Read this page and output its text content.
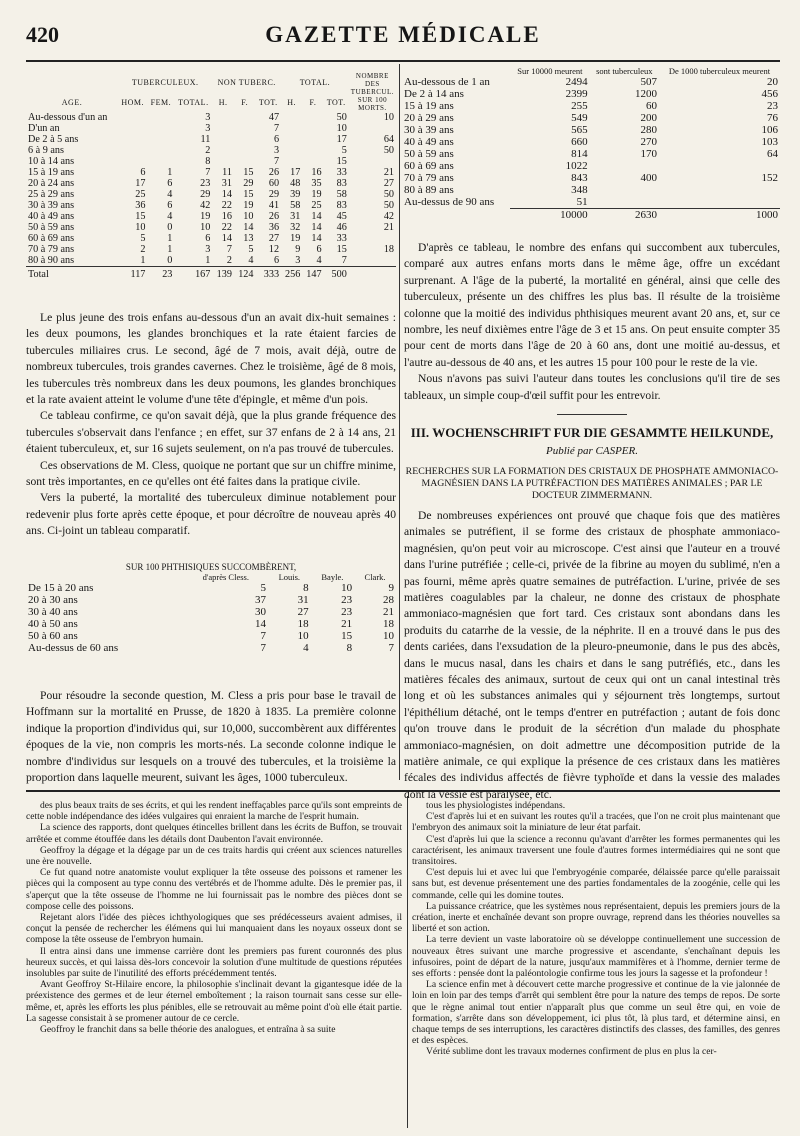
420	GAZETTE MÉDICALE
	TUBERCULEUX.			NON TUBERC.			TOTAL.			NOMBRE DES TUBERCUL. SUR 100 MORTS.
AGE.	HOM.	FEM.	TOTAL.	H.	F.	TOT.	H.	F.	TOT.	
Au-dessous d'un an			3			47			50	10
D'un an			3			7			10	
De 2 à 5 ans			11			6			17	64
6 à 9 ans			2			3			5	50
10 à 14 ans			8			7			15	
15 à 19 ans	6	1	7	11	15	26	17	16	33	21
20 à 24 ans	17	6	23	31	29	60	48	35	83	27
25 à 29 ans	25	4	29	14	15	29	39	19	58	50
30 à 39 ans	36	6	42	22	19	41	58	25	83	50
40 à 49 ans	15	4	19	16	10	26	31	14	45	42
50 à 59 ans	10	0	10	22	14	36	32	14	46	21
60 à 69 ans	5	1	6	14	13	27	19	14	33	
70 à 79 ans	2	1	3	7	5	12	9	6	15	18
80 à 90 ans	1	0	1	2	4	6	3	4	7	
Total	117	23	167	139	124	333	256	147	500	

Le plus jeune des trois enfans au-dessous d'un an avait dix-huit semaines : les deux poumons, les glandes bronchiques et la rate étaient farcies de tubercules miliaires crus. Le second, âgé de 7 mois, avait déjà, outre de nombreux tubercules, trois grandes cavernes. Chez le troisième, âgé de 8 mois, les tubercules très nombreux dans les deux poumons, les glandes bronchiques et la rate avaient atteint le volume d'une tête d'épingle, et même d'un pois.

Ce tableau confirme, ce qu'on savait déjà, que la plus grande fréquence des tubercules s'observait dans l'enfance ; en effet, sur 37 enfans de 2 à 14 ans, 21 étaient tuberculeux, et, sur 16 sujets seulement, on n'a pas trouvé de tubercules.

Ces observations de M. Cless, quoique ne portant que sur un chiffre minime, sont très importantes, en ce qu'elles ont été faites dans la pratique civile.

Vers la puberté, la mortalité des tuberculeux diminue notablement pour redevenir plus forte après cette époque, et pour décroître de nouveau après 40 ans. Ci-joint un tableau comparatif.

SUR 100 PHTHISIQUES SUCCOMBÈRENT,				
	d'après Cless.	Louis.	Bayle.	Clark.
De 15 à 20 ans	5	8	10	9
20 à 30 ans	37	31	23	28
30 à 40 ans	30	27	23	21
40 à 50 ans	14	18	21	18
50 à 60 ans	7	10	15	10
Au-dessus de 60 ans	7	4	8	7

Pour résoudre la seconde question, M. Cless a pris pour base le travail de Hoffmann sur la mortalité en Prusse, de 1820 à 1835. La première colonne indique la proportion d'individus qui, sur 10,000, succombèrent aux différentes époques de la vie, non compris les morts-nés. La seconde colonne indique le nombre d'individus sur lesquels on a trouvé des tubercules, et la troisième la proportion dans laquelle meurent, suivant les âges, 1000 tuberculeux.

	Sur 10000 meurent	sont tuberculeux	De 1000 tuberculeux meurent
Au-dessous de 1 an	2494	507	20
De 2 à 14 ans	2399	1200	456
15 à 19 ans	255	60	23
20 à 29 ans	549	200	76
30 à 39 ans	565	280	106
40 à 49 ans	660	270	103
50 à 59 ans	814	170	64
60 à 69 ans	1022		
70 à 79 ans	843	400	152
80 à 89 ans	348		
Au-dessus de 90 ans	51		
	10000	2630	1000

D'après ce tableau, le nombre des enfans qui succombent aux tubercules, comparé aux autres enfans morts dans le même âge, offre un excédant surprenant. A l'âge de la puberté, la mortalité en général, ainsi que celle des tuberculeux, présente un des chiffres les plus bas. Il résulte de la troisième colonne que la moitié des individus phthisiques meurent avant 20 ans, et, sur ce nombre, les neuf dixièmes entre l'âge de 3 et 15 ans. On peut ensuite compter 35 pour cent de morts dans l'âge de 20 à 60 ans, dont une moitié au-dessus, et l'autre au-dessous de 40 ans, et les autres 15 pour 100 pour le reste de la vie.

Nous n'avons pas suivi l'auteur dans toutes les conclusions qu'il tire de ses tableaux, un simple coup-d'œil suffit pour les entrevoir.

III. WOCHENSCHRIFT FUR DIE GESAMMTE HEILKUNDE,
Publié par CASPER.
RECHERCHES SUR LA FORMATION DES CRISTAUX DE PHOSPHATE AMMONIACO-MAGNÉSIEN DANS LA PUTRÉFACTION DES MATIÈRES ANIMALES ; PAR LE DOCTEUR ZIMMERMANN.

De nombreuses expériences ont prouvé que chaque fois que des matières animales se putréfient, il se forme des cristaux de phosphate ammoniaco-magnésien, qu'on peut voir au microscope. C'est ainsi que l'auteur en a trouvé dans l'urine putréfiée ; celle-ci, privée de la fibrine au moyen du sublimé, n'en a pas fourni, même après quatre semaines de putréfaction. L'urine, privée de ses matières coagulables par la chaleur, ne donne des cristaux de phosphate ammoniaco-magnésien que fort tard. Ces cristaux sont abondans dans les produits du catarrhe de la vessie, de la néphrite. Il en a trouvé dans le pus des dents cariées, dans l'exsudation de la pleuro-pneumonie, dans le pus des abcès, dans le mucus nasal, dans les chairs et dans le sang putréfiés, etc., dans les matières fécales des animaux, surtout de ceux qui ont un canal intestinal très long et où les substances animales qui y séjournent très longtemps, surtout l'épithélium détaché, ont le temps d'entrer en putréfaction ; autant de fois donc qu'on trouve dans le produit de la sécrétion d'un malade du phosphate ammoniaco-magnésien, on doit admettre une décomposition putride de la matière animale, ce qui explique la présence de ces cristaux dans les matières fécales des individus affectés de fièvre typhoïde et dans la vessie des malades dont la vessie est paralysée, etc.

des plus beaux traits de ses écrits, et qui les rendent ineffaçables parce qu'ils sont empreints de cette noble indépendance des idées vulgaires qui enraient la marche de l'esprit humain.

La science des rapports, dont quelques étincelles brillent dans les écrits de Buffon, se trouvait arrêtée et comme étouffée dans les détails dont Daubenton l'avait environnée.

Geoffroy la dégage et la dégage par un de ces traits hardis qui créent aux sciences naturelles une ère nouvelle.

Ce fut quand notre anatomiste voulut expliquer la tête osseuse des poissons et ramener les pièces qui la composent au type connu des vertébrés et de l'homme adulte. Dès le premier pas, il s'aperçut que la tête osseuse de l'homme ne lui fournissait pas le nombre des pièces dont se compose celle des poissons.

Rejetant alors l'idée des pièces ichthyologiques que ses prédécesseurs avaient admises, il conçut la pensée de rechercher les élémens qui lui manquaient dans les noyaux osseux dont se compose la tête osseuse de l'embryon humain.

Il entra ainsi dans une immense carrière dont les premiers pas furent couronnés des plus heureux succès, et qui laissa dès-lors concevoir la solution d'une multitude de questions réputées insolubles par suite de l'inutilité des efforts précédemment tentés.

Avant Geoffroy St-Hilaire encore, la philosophie s'inclinait devant la gigantesque idée de la préexistence des germes et de leur éternel emboîtement ; la raison tournait sans cesse sur elle-même, et, après les efforts les plus pénibles, elle se retrouvait au même point d'où elle était partie. La sagesse consistait à se promener autour de ce cercle.

Geoffroy le franchit dans sa belle théorie des analogues, et entraîna à sa suite

tous les physiologistes indépendans.

C'est d'après lui et en suivant les routes qu'il a tracées, que l'on ne croit plus maintenant que l'embryon des animaux soit la miniature de leur état parfait.

C'est d'après lui que la science a reconnu qu'avant d'arrêter les formes permanentes qui les caractérisent, les animaux traversent une foule d'autres formes intermédiaires qui ne sont que transitoires.

C'est depuis lui et avec lui que l'embryogénie comparée, délaissée parce qu'elle paraissait sans but, est devenue présentement une des parties fondamentales de la zoogénie, celle qui les commande, celle qui les domine toutes.

La puissance créatrice, que les systèmes nous représentaient, depuis les premiers jours de la création, inerte et enchaînée devant son propre ouvrage, reprend dans les théories nouvelles sa liberté et son action.

La terre devient un vaste laboratoire où se développe continuellement une succession de nouveaux êtres suivant une marche progressive et ascendante, s'enchaînant depuis les infusoires, point de départ de la nature, jusqu'aux mammifères et à l'homme, dernier terme de ses efforts : pensée dont la paléontologie confirme tous les jours la sagesse et la profondeur !

La science enfin met à découvert cette marche progressive et continue de la vie jalonnée de loin en loin par des temps d'arrêt qui semblent être pour la nature des temps de repos. De sorte que le règne animal tout entier n'apparaît plus que comme un seul être qui, en voie de formation, s'arrête dans son développement, ici plus tôt, là plus tard, et détermine ainsi, en chaque temps de ses interruptions, les caractères distinctifs des classes, des familles, des genres et des espèces.

Vérité sublime dont les travaux modernes confirment de plus en plus la cer-
